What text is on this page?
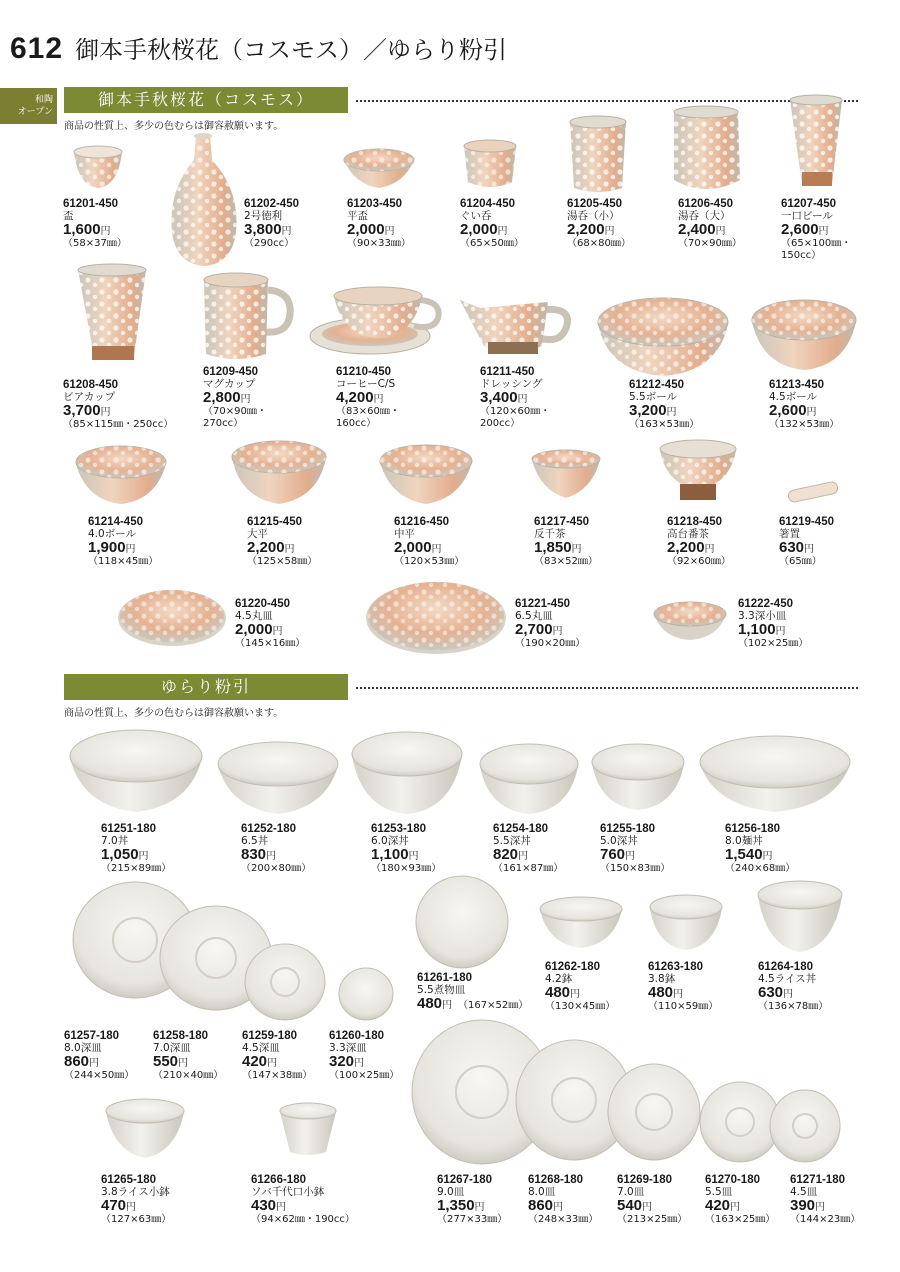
612 御本手秋桜花（コスモス）／ゆらり粉引
和陶
オープン
御本手秋桜花（コスモス）
商品の性質上、多少の色むらは御容赦願います。
ゆらり粉引
商品の性質上、多少の色むらは御容赦願います。
61201-450
盃
1,600円
（58×37㎜）
61202-450
2号徳利
3,800円
（290cc）
61203-450
平盃
2,000円
（90×33㎜）
61204-450
ぐい呑
2,000円
（65×50㎜）
61205-450
湯呑（小）
2,200円
（68×80㎜）
61206-450
湯呑（大）
2,400円
（70×90㎜）
61207-450
一口ビール
2,600円
（65×100㎜・
150cc）
61208-450
ビアカップ
3,700円
（85×115㎜・250cc）
61209-450
マグカップ
2,800円
（70×90㎜・
270cc）
61210-450
コーヒーC/S
4,200円
（83×60㎜・
160cc）
61211-450
ドレッシング
3,400円
（120×60㎜・
200cc）
61212-450
5.5ボール
3,200円
（163×53㎜）
61213-450
4.5ボール
2,600円
（132×53㎜）
61214-450
4.0ボール
1,900円
（118×45㎜）
61215-450
大平
2,200円
（125×58㎜）
61216-450
中平
2,000円
（120×53㎜）
61217-450
反千茶
1,850円
（83×52㎜）
61218-450
高台番茶
2,200円
（92×60㎜）
61219-450
箸置
630円
（65㎜）
61220-450
4.5丸皿
2,000円
（145×16㎜）
61221-450
6.5丸皿
2,700円
（190×20㎜）
61222-450
3.3深小皿
1,100円
（102×25㎜）
61251-180
7.0丼
1,050円
（215×89㎜）
61252-180
6.5丼
830円
（200×80㎜）
61253-180
6.0深丼
1,100円
（180×93㎜）
61254-180
5.5深丼
820円
（161×87㎜）
61255-180
5.0深丼
760円
（150×83㎜）
61256-180
8.0麺丼
1,540円
（240×68㎜）
61257-180
8.0深皿
860円
（244×50㎜）
61258-180
7.0深皿
550円
（210×40㎜）
61259-180
4.5深皿
420円
（147×38㎜）
61260-180
3.3深皿
320円
（100×25㎜）
61261-180
5.5煮物皿
480円 （167×52㎜）
61262-180
4.2鉢
480円
（130×45㎜）
61263-180
3.8鉢
480円
（110×59㎜）
61264-180
4.5ライス丼
630円
（136×78㎜）
61265-180
3.8ライス小鉢
470円
（127×63㎜）
61266-180
ソバ千代口小鉢
430円
（94×62㎜・190cc）
61267-180
9.0皿
1,350円
（277×33㎜）
61268-180
8.0皿
860円
（248×33㎜）
61269-180
7.0皿
540円
（213×25㎜）
61270-180
5.5皿
420円
（163×25㎜）
61271-180
4.5皿
390円
（144×23㎜）
